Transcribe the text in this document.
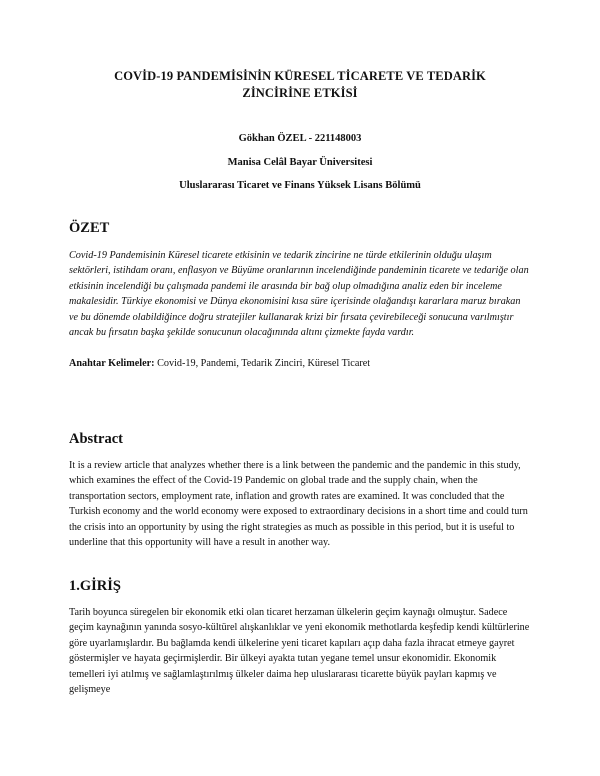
COVİD-19 PANDEMİSİNİN KÜRESEL TİCARETE VE TEDARİK ZİNCİRİNE ETKİSİ
Gökhan ÖZEL - 221148003
Manisa Celâl Bayar Üniversitesi
Uluslararası Ticaret ve Finans Yüksek Lisans Bölümü
ÖZET
Covid-19 Pandemisinin Küresel ticarete etkisinin ve tedarik zincirine ne türde etkilerinin olduğu ulaşım sektörleri, istihdam oranı, enflasyon ve Büyüme oranlarının incelendiğinde pandeminin ticarete ve tedariğe olan etkisinin incelendiği bu çalışmada pandemi ile arasında bir bağ olup olmadığına analiz eden bir inceleme makalesidir. Türkiye ekonomisi ve Dünya ekonomisini kısa süre içerisinde olağandışı kararlara maruz bırakan ve bu dönemde olabildiğince doğru stratejiler kullanarak krizi bir fırsata çevirebileceği sonucuna varılmıştır ancak bu fırsatın başka şekilde sonucunun olacağınında altını çizmekte fayda vardır.
Anahtar Kelimeler: Covid-19, Pandemi, Tedarik Zinciri, Küresel Ticaret
Abstract
It is a review article that analyzes whether there is a link between the pandemic and the pandemic in this study, which examines the effect of the Covid-19 Pandemic on global trade and the supply chain, when the transportation sectors, employment rate, inflation and growth rates are examined. It was concluded that the Turkish economy and the world economy were exposed to extraordinary decisions in a short time and could turn the crisis into an opportunity by using the right strategies as much as possible in this period, but it is useful to underline that this opportunity will have a result in another way.
1.GİRİŞ
Tarih boyunca süregelen bir ekonomik etki olan ticaret herzaman ülkelerin geçim kaynağı olmuştur. Sadece geçim kaynağının yanında sosyo-kültürel alışkanlıklar ve yeni ekonomik methotlarda keşfedip kendi kültürlerine göre uyarlamışlardır. Bu bağlamda kendi ülkelerine yeni ticaret kapıları açıp daha fazla ihracat etmeye gayret göstermişler ve hayata geçirmişlerdir. Bir ülkeyi ayakta tutan yegane temel unsur ekonomidir. Ekonomik temelleri iyi atılmış ve sağlamlaştırılmış ülkeler daima hep uluslararası ticarette büyük payları kapmış ve gelişmeye
